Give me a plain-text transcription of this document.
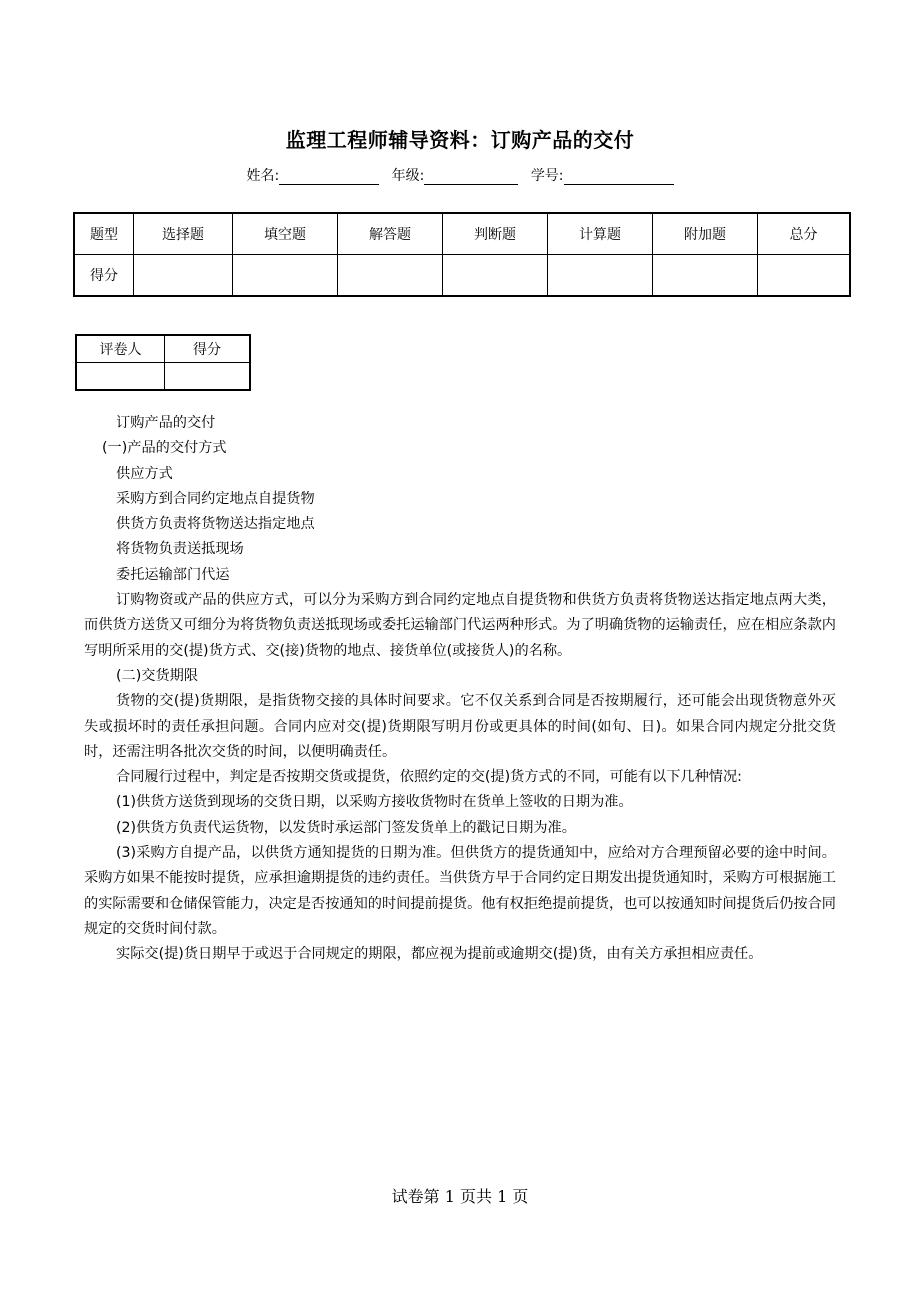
监理工程师辅导资料：订购产品的交付
姓名:	年级:	学号:
题型	选择题	填空题	解答题	判断题	计算题	附加题	总分
得分							
评卷人	得分

订购产品的交付

(一)产品的交付方式

供应方式

采购方到合同约定地点自提货物

供货方负责将货物送达指定地点

将货物负责送抵现场

委托运输部门代运

订购物资或产品的供应方式，可以分为采购方到合同约定地点自提货物和供货方负责将货物送达指定地点两大类，而供货方送货又可细分为将货物负责送抵现场或委托运输部门代运两种形式。为了明确货物的运输责任，应在相应条款内写明所采用的交(提)货方式、交(接)货物的地点、接货单位(或接货人)的名称。

(二)交货期限

货物的交(提)货期限，是指货物交接的具体时间要求。它不仅关系到合同是否按期履行，还可能会出现货物意外灭失或损坏时的责任承担问题。合同内应对交(提)货期限写明月份或更具体的时间(如旬、日)。如果合同内规定分批交货时，还需注明各批次交货的时间，以便明确责任。

合同履行过程中，判定是否按期交货或提货，依照约定的交(提)货方式的不同，可能有以下几种情况:

(1)供货方送货到现场的交货日期，以采购方接收货物时在货单上签收的日期为准。

(2)供货方负责代运货物，以发货时承运部门签发货单上的戳记日期为准。

(3)采购方自提产品，以供货方通知提货的日期为准。但供货方的提货通知中，应给对方合理预留必要的途中时间。采购方如果不能按时提货，应承担逾期提货的违约责任。当供货方早于合同约定日期发出提货通知时，采购方可根据施工的实际需要和仓储保管能力，决定是否按通知的时间提前提货。他有权拒绝提前提货，也可以按通知时间提货后仍按合同规定的交货时间付款。

实际交(提)货日期早于或迟于合同规定的期限，都应视为提前或逾期交(提)货，由有关方承担相应责任。

试卷第 1 页共 1 页
